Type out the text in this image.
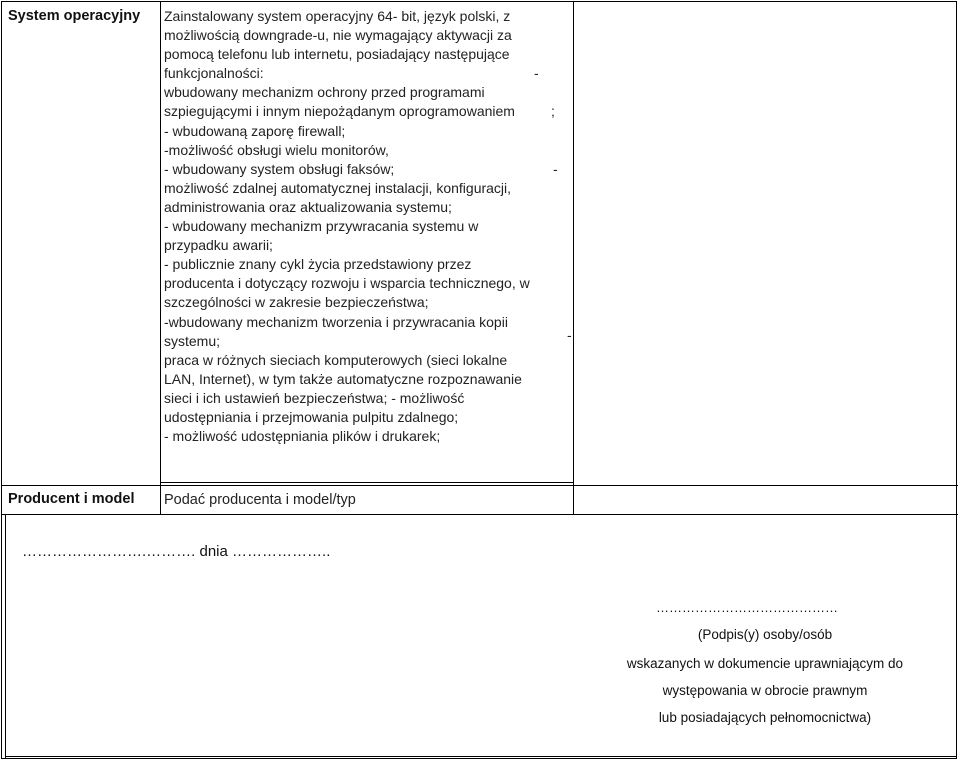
System operacyjny Zainstalowany system operacyjny 64- bit, język polski, z
możliwością downgrade-u, nie wymagający aktywacji za
pomocą telefonu lub internetu, posiadający następujące
funkcjonalności:	-
wbudowany mechanizm ochrony przed programami
szpiegującymi i innym niepożądanym oprogramowaniem	;
- wbudowaną zaporę firewall;
-możliwość obsługi wielu monitorów,
- wbudowany system obsługi faksów;	-
możliwość zdalnej automatycznej instalacji, konfiguracji,
administrowania oraz aktualizowania systemu;
- wbudowany mechanizm przywracania systemu w
przypadku awarii;
- publicznie znany cykl życia przedstawiony przez
producenta i dotyczący rozwoju i wsparcia technicznego, w
szczególności w zakresie bezpieczeństwa;
-wbudowany mechanizm tworzenia i przywracania kopii
systemu;	-
praca w różnych sieciach komputerowych (sieci lokalne
LAN, Internet), w tym także automatyczne rozpoznawanie
sieci i ich ustawień bezpieczeństwa; - możliwość
udostępniania i przejmowania pulpitu zdalnego;
- możliwość udostępniania plików i drukarek;
Producent i model Podać producenta i model/typ
…………………….………. dnia ………………..
……………………………………
(Podpis(y) osoby/osób
wskazanych w dokumencie uprawniającym do
występowania w obrocie prawnym
lub posiadających pełnomocnictwa)
